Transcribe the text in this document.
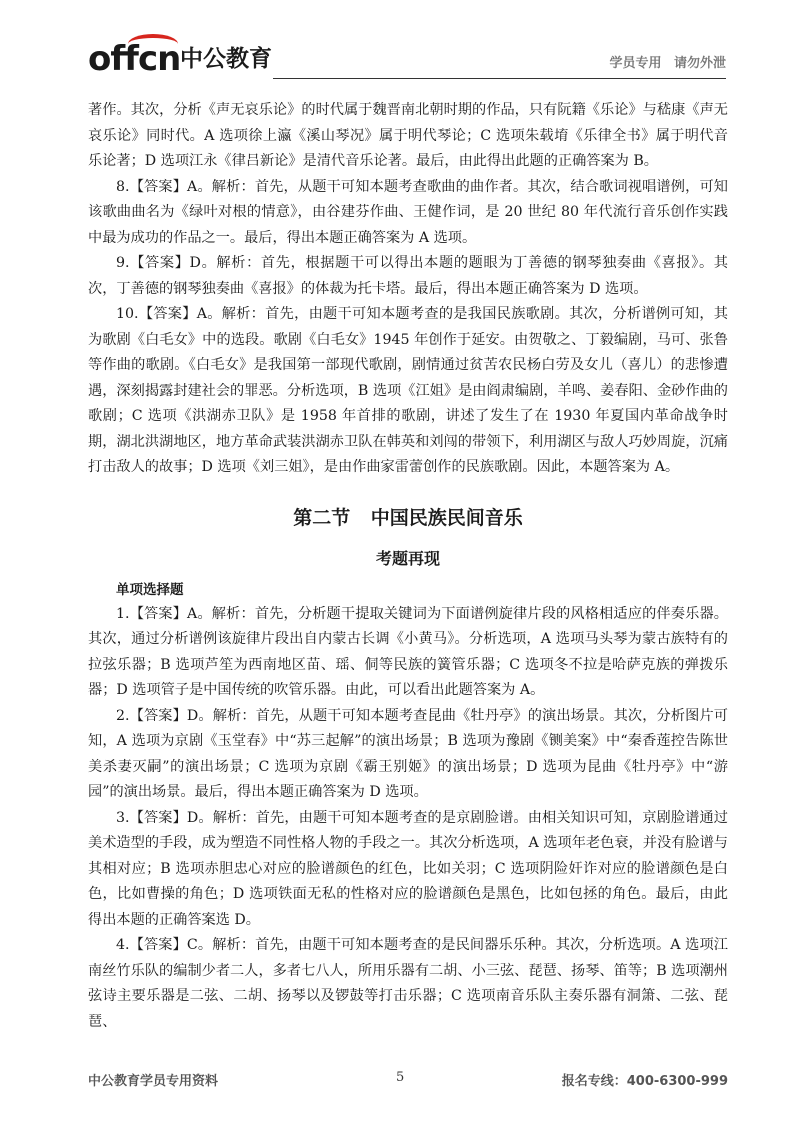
offcn 中公教育	学员专用 请勿外泄

著作。其次，分析《声无哀乐论》的时代属于魏晋南北朝时期的作品，只有阮籍《乐论》与嵇康《声无哀乐论》同时代。A 选项徐上瀛《溪山琴况》属于明代琴论；C 选项朱载堉《乐律全书》属于明代音乐论著；D 选项江永《律吕新论》是清代音乐论著。最后，由此得出此题的正确答案为 B。

8.【答案】A。解析：首先，从题干可知本题考查歌曲的曲作者。其次，结合歌词视唱谱例，可知该歌曲曲名为《绿叶对根的情意》，由谷建芬作曲、王健作词，是 20 世纪 80 年代流行音乐创作实践中最为成功的作品之一。最后，得出本题正确答案为 A 选项。

9.【答案】D。解析：首先，根据题干可以得出本题的题眼为丁善德的钢琴独奏曲《喜报》。其次，丁善德的钢琴独奏曲《喜报》的体裁为托卡塔。最后，得出本题正确答案为 D 选项。

10.【答案】A。解析：首先，由题干可知本题考查的是我国民族歌剧。其次，分析谱例可知，其为歌剧《白毛女》中的选段。歌剧《白毛女》1945 年创作于延安。由贺敬之、丁毅编剧，马可、张鲁等作曲的歌剧。《白毛女》是我国第一部现代歌剧，剧情通过贫苦农民杨白劳及女儿（喜儿）的悲惨遭遇，深刻揭露封建社会的罪恶。分析选项，B 选项《江姐》是由阎肃编剧，羊鸣、姜春阳、金砂作曲的歌剧；C 选项《洪湖赤卫队》是 1958 年首排的歌剧，讲述了发生了在 1930 年夏国内革命战争时期，湖北洪湖地区，地方革命武装洪湖赤卫队在韩英和刘闯的带领下，利用湖区与敌人巧妙周旋，沉痛打击敌人的故事；D 选项《刘三姐》，是由作曲家雷蕾创作的民族歌剧。因此，本题答案为 A。

第二节 中国民族民间音乐
考题再现
单项选择题

1.【答案】A。解析：首先，分析题干提取关键词为下面谱例旋律片段的风格相适应的伴奏乐器。其次，通过分析谱例该旋律片段出自内蒙古长调《小黄马》。分析选项，A 选项马头琴为蒙古族特有的拉弦乐器；B 选项芦笙为西南地区苗、瑶、侗等民族的簧管乐器；C 选项冬不拉是哈萨克族的弹拨乐器；D 选项管子是中国传统的吹管乐器。由此，可以看出此题答案为 A。

2.【答案】D。解析：首先，从题干可知本题考查昆曲《牡丹亭》的演出场景。其次，分析图片可知，A 选项为京剧《玉堂春》中“苏三起解”的演出场景；B 选项为豫剧《铡美案》中“秦香莲控告陈世美杀妻灭嗣”的演出场景；C 选项为京剧《霸王别姬》的演出场景；D 选项为昆曲《牡丹亭》中“游园”的演出场景。最后，得出本题正确答案为 D 选项。

3.【答案】D。解析：首先，由题干可知本题考查的是京剧脸谱。由相关知识可知，京剧脸谱通过美术造型的手段，成为塑造不同性格人物的手段之一。其次分析选项，A 选项年老色衰，并没有脸谱与其相对应；B 选项赤胆忠心对应的脸谱颜色的红色，比如关羽；C 选项阴险奸诈对应的脸谱颜色是白色，比如曹操的角色；D 选项铁面无私的性格对应的脸谱颜色是黑色，比如包拯的角色。最后，由此得出本题的正确答案选 D。

4.【答案】C。解析：首先，由题干可知本题考查的是民间器乐乐种。其次，分析选项。A 选项江南丝竹乐队的编制少者二人，多者七八人，所用乐器有二胡、小三弦、琵琶、扬琴、笛等；B 选项潮州弦诗主要乐器是二弦、二胡、扬琴以及锣鼓等打击乐器；C 选项南音乐队主奏乐器有洞箫、二弦、琵琶、

中公教育学员专用资料	5	报名专线：400-6300-999
